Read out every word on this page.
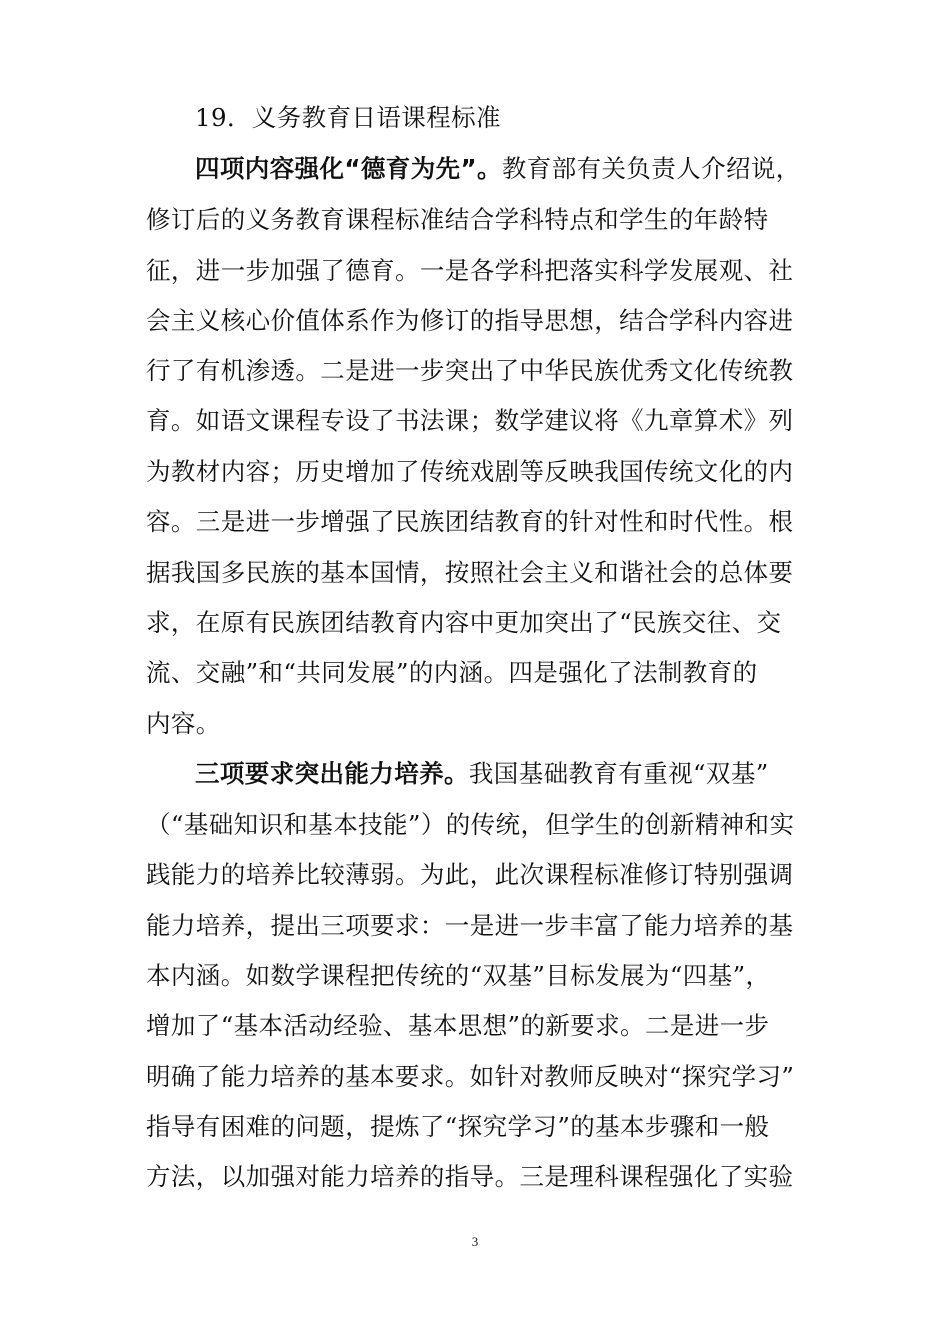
19．义务教育日语课程标准
四项内容强化“德育为先”。教育部有关负责人介绍说，
修订后的义务教育课程标准结合学科特点和学生的年龄特
征，进一步加强了德育。一是各学科把落实科学发展观、社
会主义核心价值体系作为修订的指导思想，结合学科内容进
行了有机渗透。二是进一步突出了中华民族优秀文化传统教
育。如语文课程专设了书法课；数学建议将《九章算术》列
为教材内容；历史增加了传统戏剧等反映我国传统文化的内
容。三是进一步增强了民族团结教育的针对性和时代性。根
据我国多民族的基本国情，按照社会主义和谐社会的总体要
求，在原有民族团结教育内容中更加突出了“民族交往、交
流、交融”和“共同发展”的内涵。四是强化了法制教育的
内容。
三项要求突出能力培养。我国基础教育有重视“双基”
（“基础知识和基本技能”）的传统，但学生的创新精神和实
践能力的培养比较薄弱。为此，此次课程标准修订特别强调
能力培养，提出三项要求：一是进一步丰富了能力培养的基
本内涵。如数学课程把传统的“双基”目标发展为“四基”，
增加了“基本活动经验、基本思想”的新要求。二是进一步
明确了能力培养的基本要求。如针对教师反映对“探究学习”
指导有困难的问题，提炼了“探究学习”的基本步骤和一般
方法，以加强对能力培养的指导。三是理科课程强化了实验
3
